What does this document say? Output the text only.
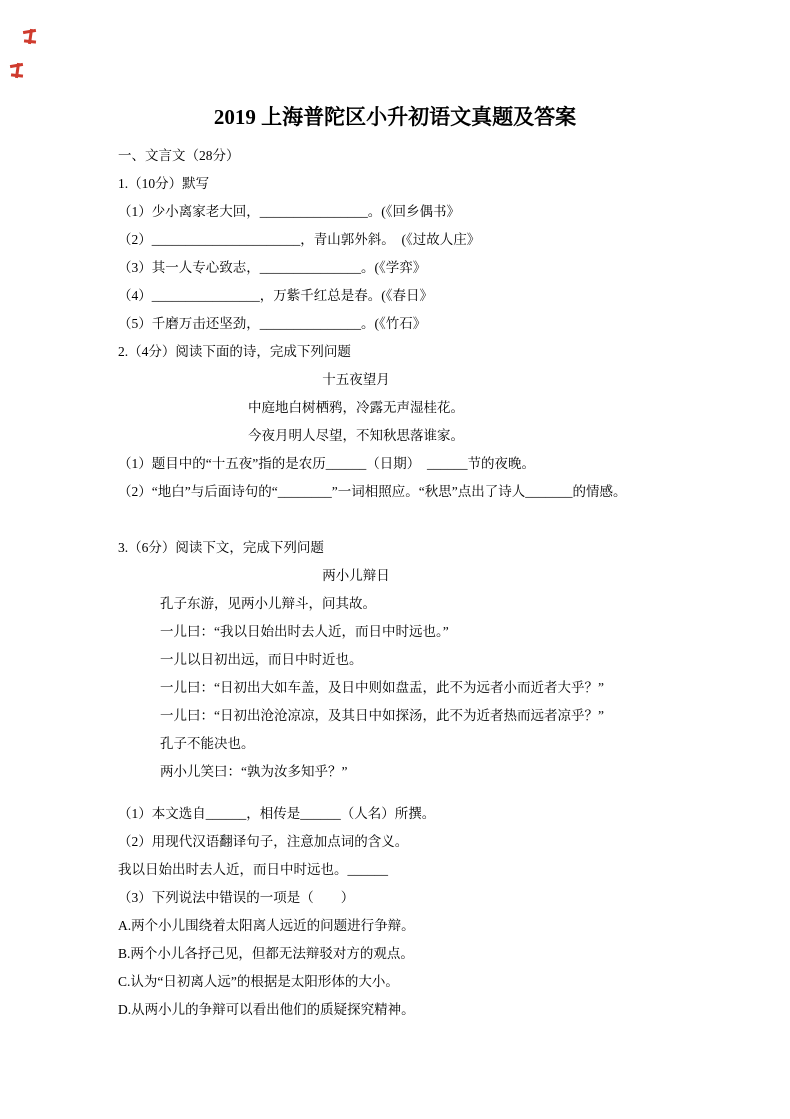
2019 上海普陀区小升初语文真题及答案
一、文言文（28分）
1.（10分）默写
（1）少小离家老大回，________________。(《回乡偶书》
（2）______________________，青山郭外斜。  (《过故人庄》
（3）其一人专心致志，_______________。(《学弈》
（4）________________，万紫千红总是春。(《春日》
（5）千磨万击还坚劲，_______________。(《竹石》
2.（4分）阅读下面的诗，完成下列问题
十五夜望月
中庭地白树栖鸦，冷露无声湿桂花。
今夜月明人尽望，不知秋思落谁家。
（1）题目中的“十五夜”指的是农历______（日期）　______节的夜晚。
（2）“地白”与后面诗句的“________”一词相照应。“秋思”点出了诗人_______的情感。
3.（6分）阅读下文，完成下列问题
两小儿辩日
孔子东游，见两小儿辩斗，问其故。
一儿曰：“我以日始出时去人近，而日中时远也。”
一儿以日初出远，而日中时近也。
一儿曰：“日初出大如车盖，及日中则如盘盂，此不为远者小而近者大乎？”
一儿曰：“日初出沧沧凉凉，及其日中如探汤，此不为近者热而远者凉乎？”
孔子不能决也。
两小儿笑曰：“孰为汝多知乎？”
（1）本文选自______，相传是______（人名）所撰。
（2）用现代汉语翻译句子，注意加点词的含义。
我以日始出时去人近，而日中时远也。______
（3）下列说法中错误的一项是（　　）
A.两个小儿围绕着太阳离人远近的问题进行争辩。
B.两个小儿各抒己见，但都无法辩驳对方的观点。
C.认为“日初离人远”的根据是太阳形体的大小。
D.从两小儿的争辩可以看出他们的质疑探究精神。
